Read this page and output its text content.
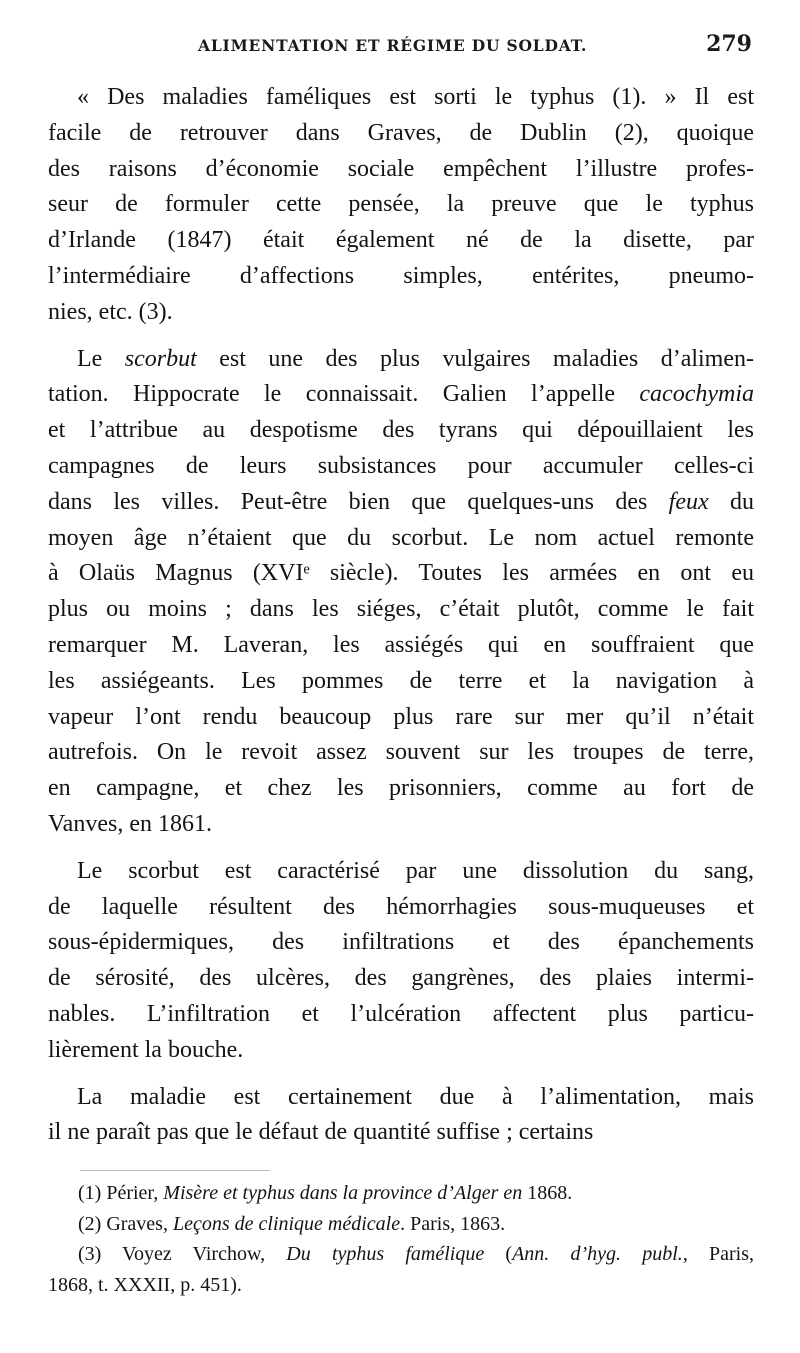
ALIMENTATION ET RÉGIME DU SOLDAT.	279

« Des maladies faméliques est sorti le typhus (1). » Il est
facile de retrouver dans Graves, de Dublin (2), quoique
des raisons d’économie sociale empêchent l’illustre profes-
seur de formuler cette pensée, la preuve que le typhus
d’Irlande (1847) était également né de la disette, par
l’intermédiaire d’affections simples, entérites, pneumo-
nies, etc. (3).

Le scorbut est une des plus vulgaires maladies d’alimen-
tation. Hippocrate le connaissait. Galien l’appelle cacochymia
et l’attribue au despotisme des tyrans qui dépouillaient les
campagnes de leurs subsistances pour accumuler celles-ci
dans les villes. Peut-être bien que quelques-uns des feux du
moyen âge n’étaient que du scorbut. Le nom actuel remonte
à Olaüs Magnus (XVIᵉ siècle). Toutes les armées en ont eu
plus ou moins ; dans les siéges, c’était plutôt, comme le fait
remarquer M. Laveran, les assiégés qui en souffraient que
les assiégeants. Les pommes de terre et la navigation à
vapeur l’ont rendu beaucoup plus rare sur mer qu’il n’était
autrefois. On le revoit assez souvent sur les troupes de terre,
en campagne, et chez les prisonniers, comme au fort de
Vanves, en 1861.

Le scorbut est caractérisé par une dissolution du sang,
de laquelle résultent des hémorrhagies sous-muqueuses et
sous-épidermiques, des infiltrations et des épanchements
de sérosité, des ulcères, des gangrènes, des plaies intermi-
nables. L’infiltration et l’ulcération affectent plus particu-
lièrement la bouche.

La maladie est certainement due à l’alimentation, mais
il ne paraît pas que le défaut de quantité suffise ; certains

(1) Périer, Misère et typhus dans la province d’Alger en 1868.
(2) Graves, Leçons de clinique médicale. Paris, 1863.
(3) Voyez Virchow, Du typhus famélique (Ann. d’hyg. publ., Paris,
1868, t. XXXII, p. 451).
